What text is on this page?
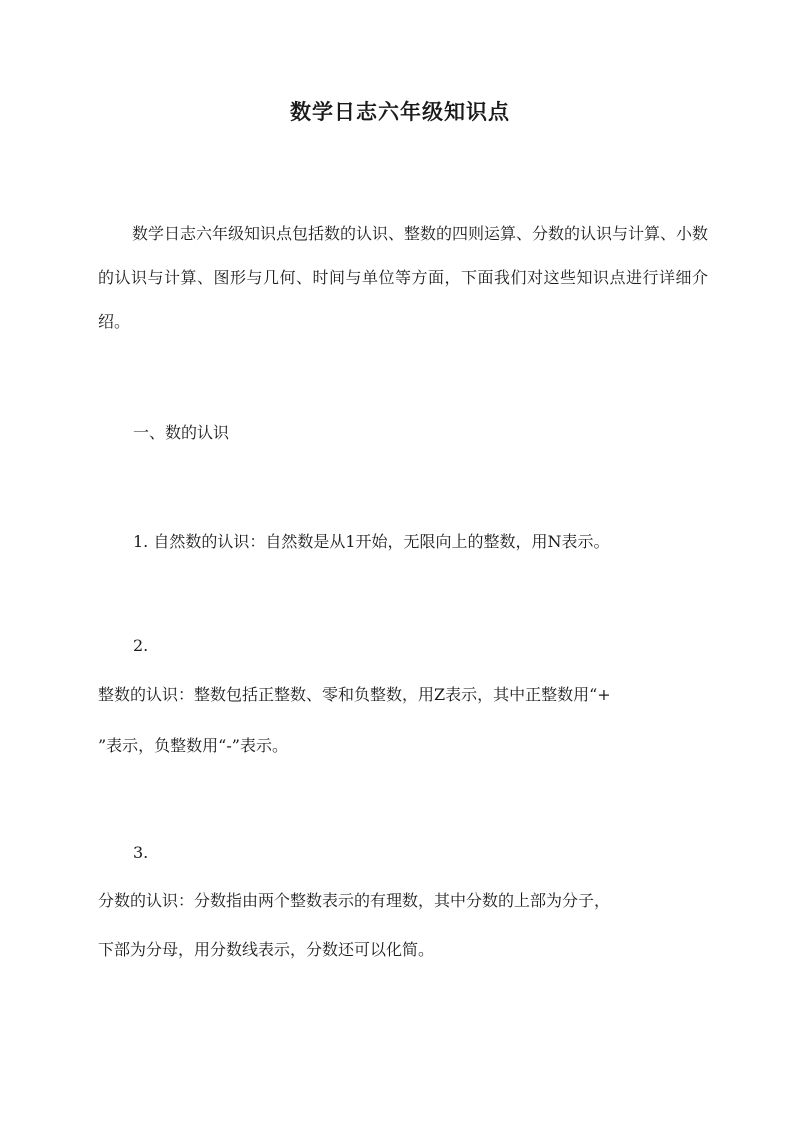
数学日志六年级知识点

数学日志六年级知识点包括数的认识、整数的四则运算、分数的认识与计算、小数的认识与计算、图形与几何、时间与单位等方面，下面我们对这些知识点进行详细介绍。

一、数的认识
1. 自然数的认识：自然数是从1开始，无限向上的整数，用N表示。
2.
整数的认识：整数包括正整数、零和负整数，用Z表示，其中正整数用“+
”表示，负整数用“-”表示。
3.
分数的认识：分数指由两个整数表示的有理数，其中分数的上部为分子，
下部为分母，用分数线表示，分数还可以化简。
